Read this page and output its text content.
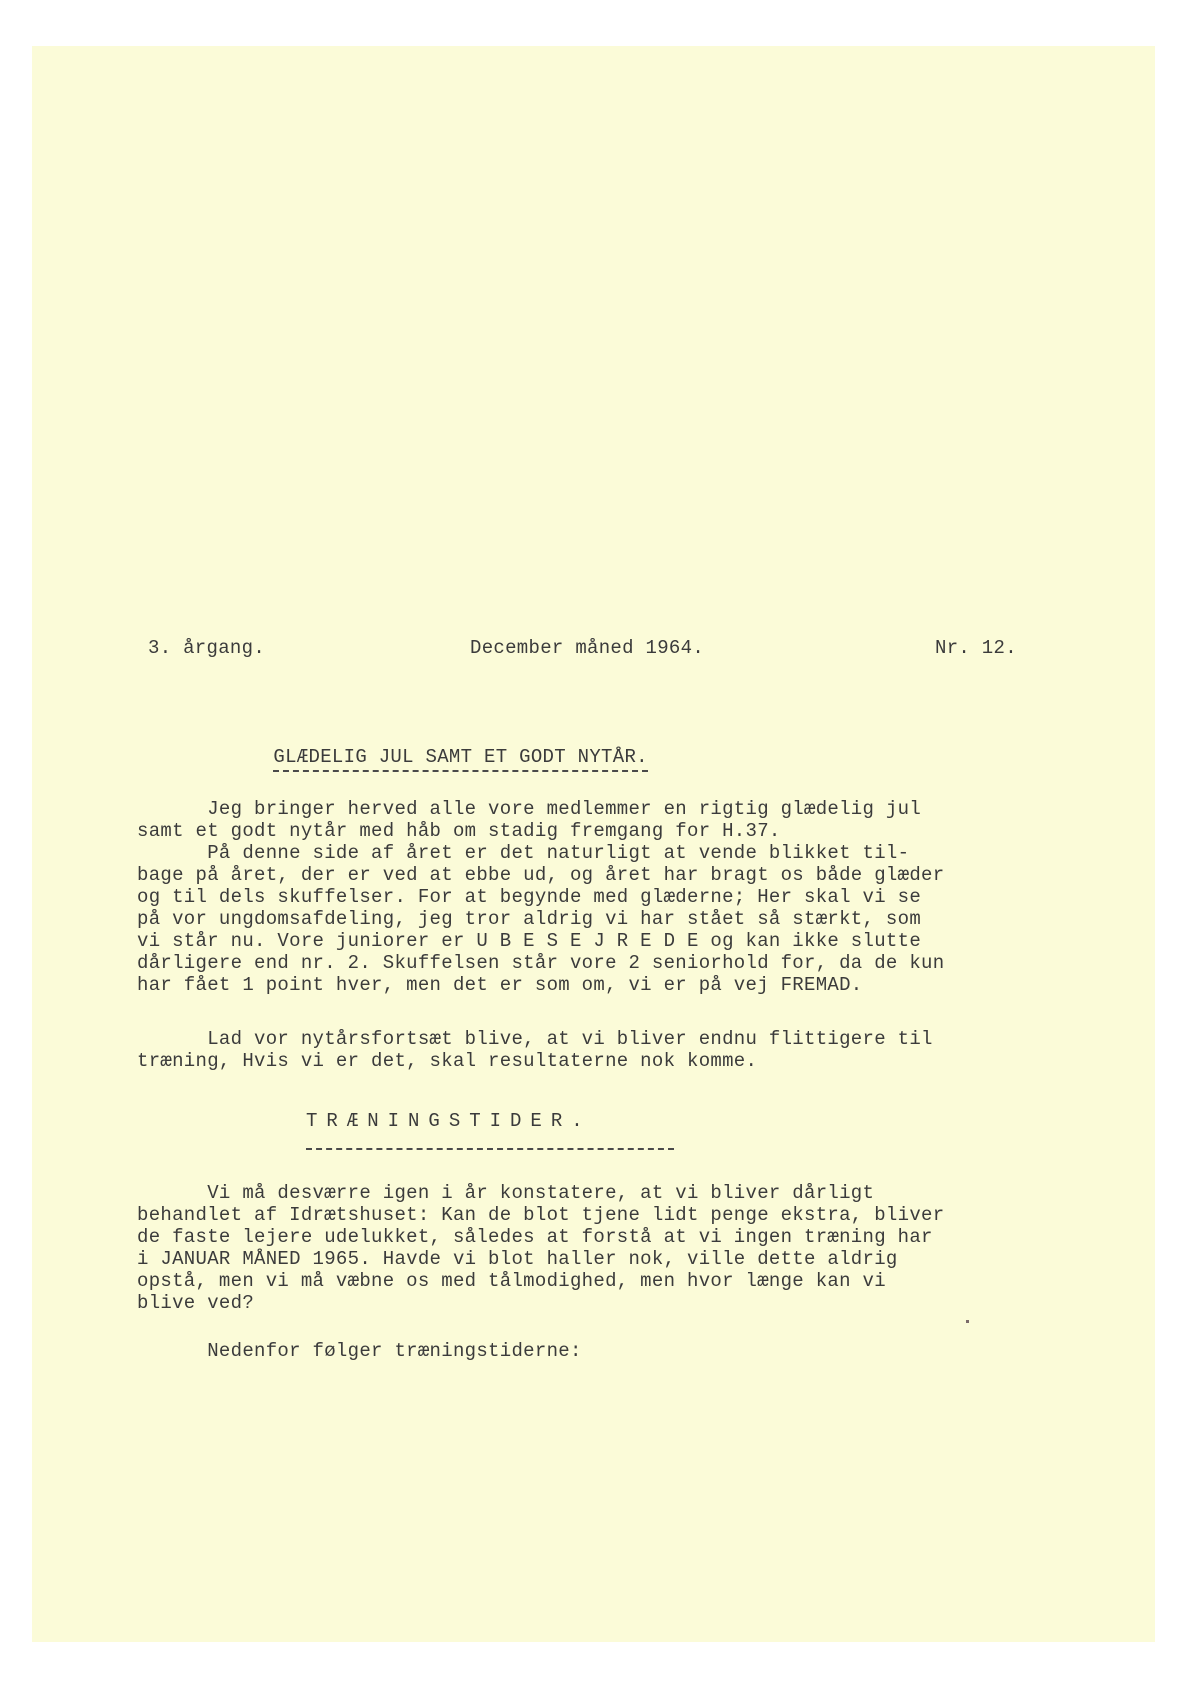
3. årgang.	December måned 1964.	Nr. 12.

GLÆDELIG JUL SAMT ET GODT NYTÅR.

Jeg bringer herved alle vore medlemmer en rigtig glædelig jul
samt et godt nytår med håb om stadig fremgang for H.37.
På denne side af året er det naturligt at vende blikket til-
bage på året, der er ved at ebbe ud, og året har bragt os både glæder
og til dels skuffelser. For at begynde med glæderne; Her skal vi se
på vor ungdomsafdeling, jeg tror aldrig vi har stået så stærkt, som
vi står nu. Vore juniorer er U B E S E J R E D E og kan ikke slutte
dårligere end nr. 2. Skuffelsen står vore 2 seniorhold for, da de kun
har fået 1 point hver, men det er som om, vi er på vej FREMAD.
Lad vor nytårsfortsæt blive, at vi bliver endnu flittigere til
træning, Hvis vi er det, skal resultaterne nok komme.
TRÆNINGSTIDER.
Vi må desværre igen i år konstatere, at vi bliver dårligt
behandlet af Idrætshuset: Kan de blot tjene lidt penge ekstra, bliver
de faste lejere udelukket, således at forstå at vi ingen træning har
i JANUAR MÅNED 1965. Havde vi blot haller nok, ville dette aldrig
opstå, men vi må væbne os med tålmodighed, men hvor længe kan vi
blive ved?
Nedenfor følger træningstiderne:
